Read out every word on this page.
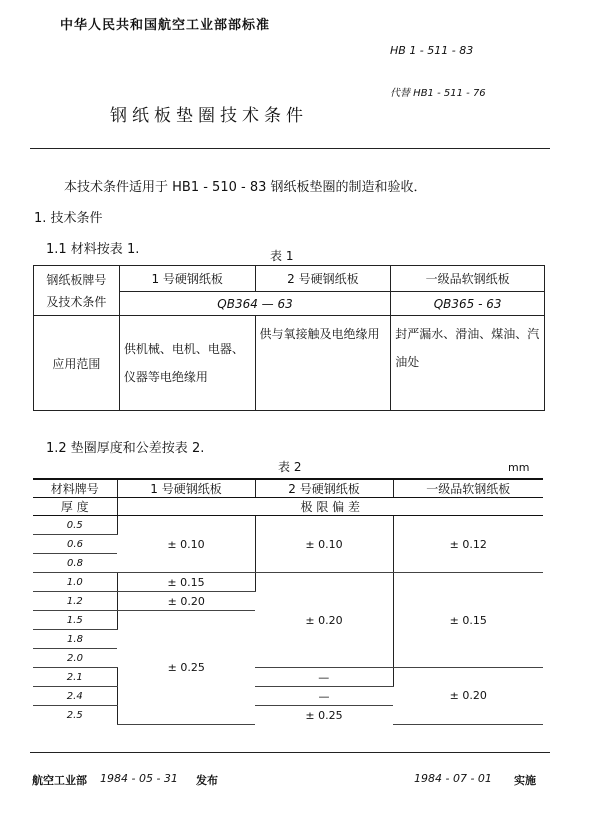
中华人民共和国航空工业部部标准
HB 1 - 511 - 83
代替 HB1 - 511 - 76
钢纸板垫圈技术条件
本技术条件适用于 HB1 - 510 - 83 钢纸板垫圈的制造和验收．
1. 技术条件
1.1 材料按表 1.	表 1
钢纸板牌号
及技术条件	1 号硬钢纸板	2 号硬钢纸板	一级品软钢纸板
	QB364 — 63		QB365 - 63
应用范围	供机械、电机、电器、仪器等电绝缘用	供与氧接触及电绝缘用	封严漏水、滑油、煤油、汽油处
1.2 垫圈厚度和公差按表 2.
表 2	mm
材料牌号	1 号硬钢纸板	2 号硬钢纸板	一级品软钢纸板
厚 度	极 限 偏 差		
0.5	± 0.10	± 0.10	± 0.12
0.6			
0.8			
1.0	± 0.15	± 0.20	± 0.15
1.2	± 0.20		
1.5	± 0.25		
1.8			
2.0			
2.1		—	± 0.20
2.4		—	
2.5		± 0.25	
航空工业部 1984 - 05 - 31 发布	1984 - 07 - 01 实施
